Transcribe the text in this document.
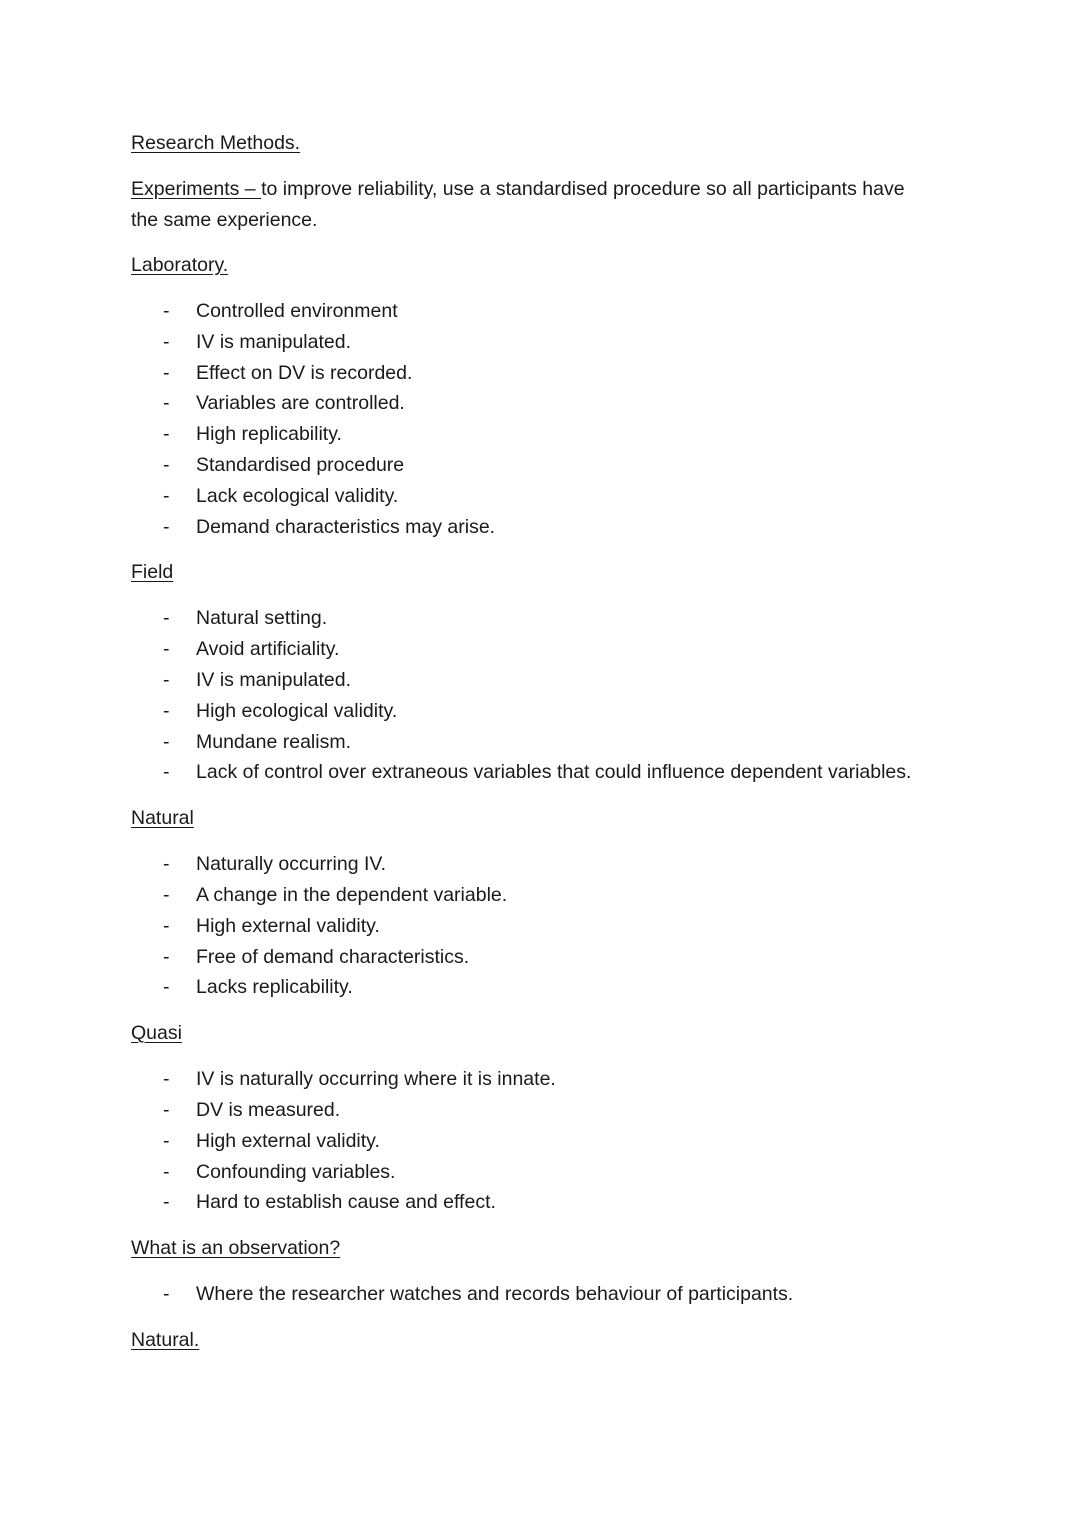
Research Methods.
Experiments – to improve reliability, use a standardised procedure so all participants have the same experience.
Laboratory.
- Controlled environment
- IV is manipulated.
- Effect on DV is recorded.
- Variables are controlled.
- High replicability.
- Standardised procedure
- Lack ecological validity.
- Demand characteristics may arise.
Field
- Natural setting.
- Avoid artificiality.
- IV is manipulated.
- High ecological validity.
- Mundane realism.
- Lack of control over extraneous variables that could influence dependent variables.
Natural
- Naturally occurring IV.
- A change in the dependent variable.
- High external validity.
- Free of demand characteristics.
- Lacks replicability.
Quasi
- IV is naturally occurring where it is innate.
- DV is measured.
- High external validity.
- Confounding variables.
- Hard to establish cause and effect.
What is an observation?
- Where the researcher watches and records behaviour of participants.
Natural.
